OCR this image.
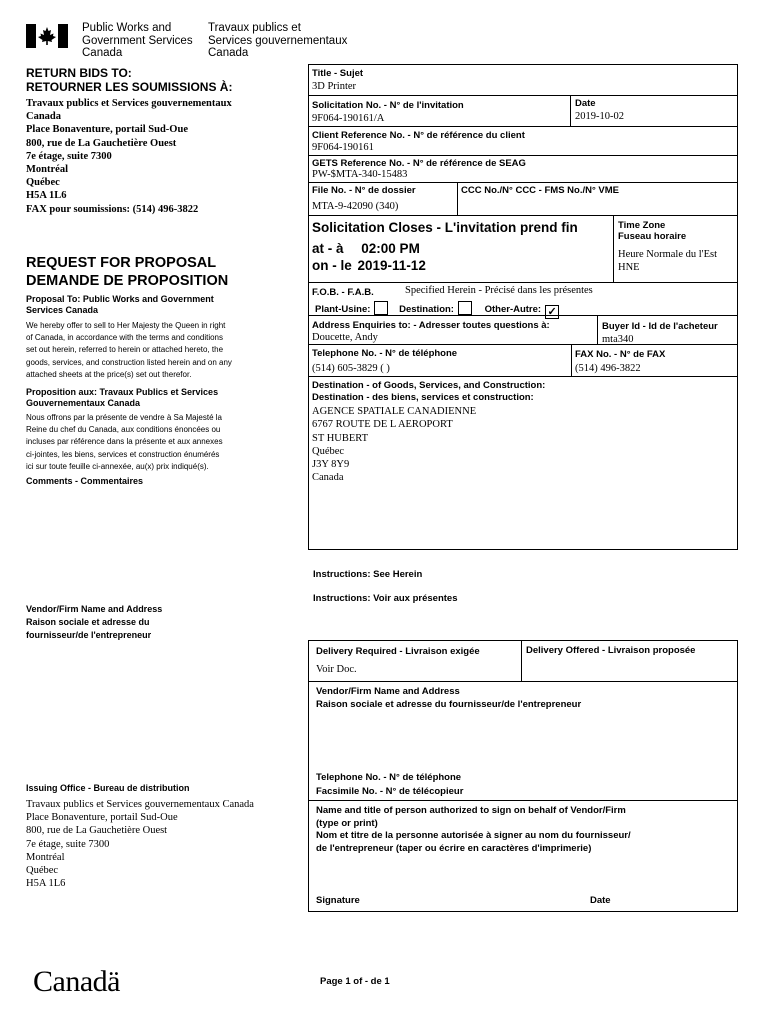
Public Works and
Government Services
Canada
Travaux publics et
Services gouvernementaux
Canada
RETURN BIDS TO:
RETOURNER LES SOUMISSIONS À:
Travaux publics et Services gouvernementaux
Canada
Place Bonaventure, portail Sud-Oue
800, rue de La Gauchetière Ouest
7e étage, suite 7300
Montréal
Québec
H5A 1L6
FAX pour soumissions: (514) 496-3822
REQUEST FOR PROPOSAL
DEMANDE DE PROPOSITION
Proposal To: Public Works and Government
Services Canada
We hereby offer to sell to Her Majesty the Queen in right
of Canada, in accordance with the terms and conditions
set out herein, referred to herein or attached hereto, the
goods, services, and construction listed herein and on any
attached sheets at the price(s) set out therefor.
Proposition aux: Travaux Publics et Services
Gouvernementaux Canada
Nous offrons par la présente de vendre à Sa Majesté la
Reine du chef du Canada, aux conditions énoncées ou
incluses par référence dans la présente et aux annexes
ci-jointes, les biens, services et construction énumérés
ici sur toute feuille ci-annexée, au(x) prix indiqué(s).
Comments - Commentaires
Vendor/Firm Name and Address
Raison sociale et adresse du
fournisseur/de l'entrepreneur
Issuing Office - Bureau de distribution
Travaux publics et Services gouvernementaux Canada
Place Bonaventure, portail Sud-Oue
800, rue de La Gauchetière Ouest
7e étage, suite 7300
Montréal
Québec
H5A 1L6
Title - Sujet
3D Printer
Solicitation No. - N° de l'invitation
9F064-190161/A
Date
2019-10-02
Client Reference No. - N° de référence du client
9F064-190161
GETS Reference No. - N° de référence de SEAG
PW-$MTA-340-15483
File No. - N° de dossier
MTA-9-42090 (340)
CCC No./N° CCC - FMS No./N° VME
Solicitation Closes - L'invitation prend fin
at - à 02:00 PM
on - le 2019-11-12
Time Zone
Fuseau horaire
Heure Normale du l'Est
HNE
F.O.B. - F.A.B.	Specified Herein - Précisé dans les présentes
Plant-Usine:	Destination:	Other-Autre: ✓
Address Enquiries to: - Adresser toutes questions à:
Doucette, Andy
Buyer Id - Id de l'acheteur
mta340
Telephone No. - N° de téléphone
(514) 605-3829 ( )
FAX No. - N° de FAX
(514) 496-3822
Destination - of Goods, Services, and Construction:
Destination - des biens, services et construction:
AGENCE SPATIALE CANADIENNE
6767 ROUTE DE L AEROPORT
ST HUBERT
Québec
J3Y 8Y9
Canada
Instructions: See Herein
Instructions: Voir aux présentes
Delivery Required - Livraison exigée
Voir Doc.
Delivery Offered - Livraison proposée
Vendor/Firm Name and Address
Raison sociale et adresse du fournisseur/de l'entrepreneur
Telephone No. - N° de téléphone
Facsimile No. - N° de télécopieur
Name and title of person authorized to sign on behalf of Vendor/Firm
(type or print)
Nom et titre de la personne autorisée à signer au nom du fournisseur/
de l'entrepreneur (taper ou écrire en caractères d'imprimerie)
Signature	Date
Canadä	Page 1 of - de 1
